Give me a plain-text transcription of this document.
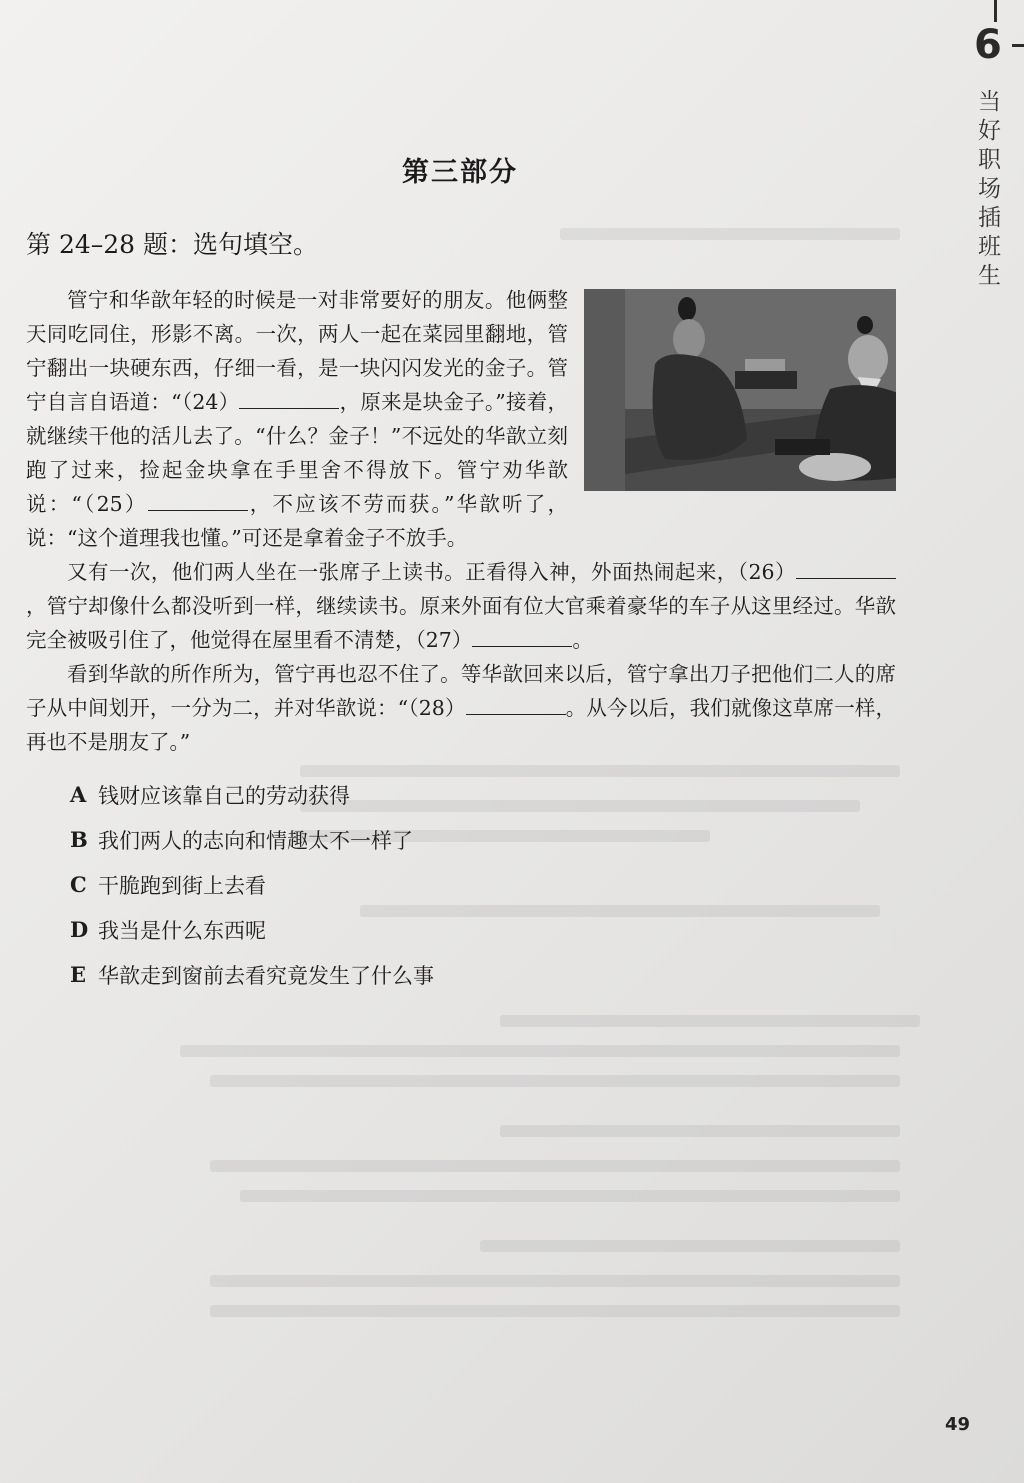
6
当好职场插班生
第三部分
第 24–28 题：选句填空。

管宁和华歆年轻的时候是一对非常要好的朋友。他俩整天同吃同住，形影不离。一次，两人一起在菜园里翻地，管宁翻出一块硬东西，仔细一看，是一块闪闪发光的金子。管宁自言自语道：“（24）	，原来是块金子。”接着，就继续干他的活儿去了。“什么？金子！”不远处的华歆立刻跑了过来，捡起金块拿在手里舍不得放下。管宁劝华歆说：“（25）	，不应该不劳而获。”华歆听了，说：“这个道理我也懂。”可还是拿着金子不放手。

又有一次，他们两人坐在一张席子上读书。正看得入神，外面热闹起来，（26），管宁却像什么都没听到一样，继续读书。原来外面有位大官乘着豪华的车子从这里经过。华歆完全被吸引住了，他觉得在屋里看不清楚，（27）	。

看到华歆的所作所为，管宁再也忍不住了。等华歆回来以后，管宁拿出刀子把他们二人的席子从中间划开，一分为二，并对华歆说：“（28）	。从今以后，我们就像这草席一样，再也不是朋友了。”

A 钱财应该靠自己的劳动获得
B 我们两人的志向和情趣太不一样了
C 干脆跑到街上去看
D 我当是什么东西呢
E 华歆走到窗前去看究竟发生了什么事
49
